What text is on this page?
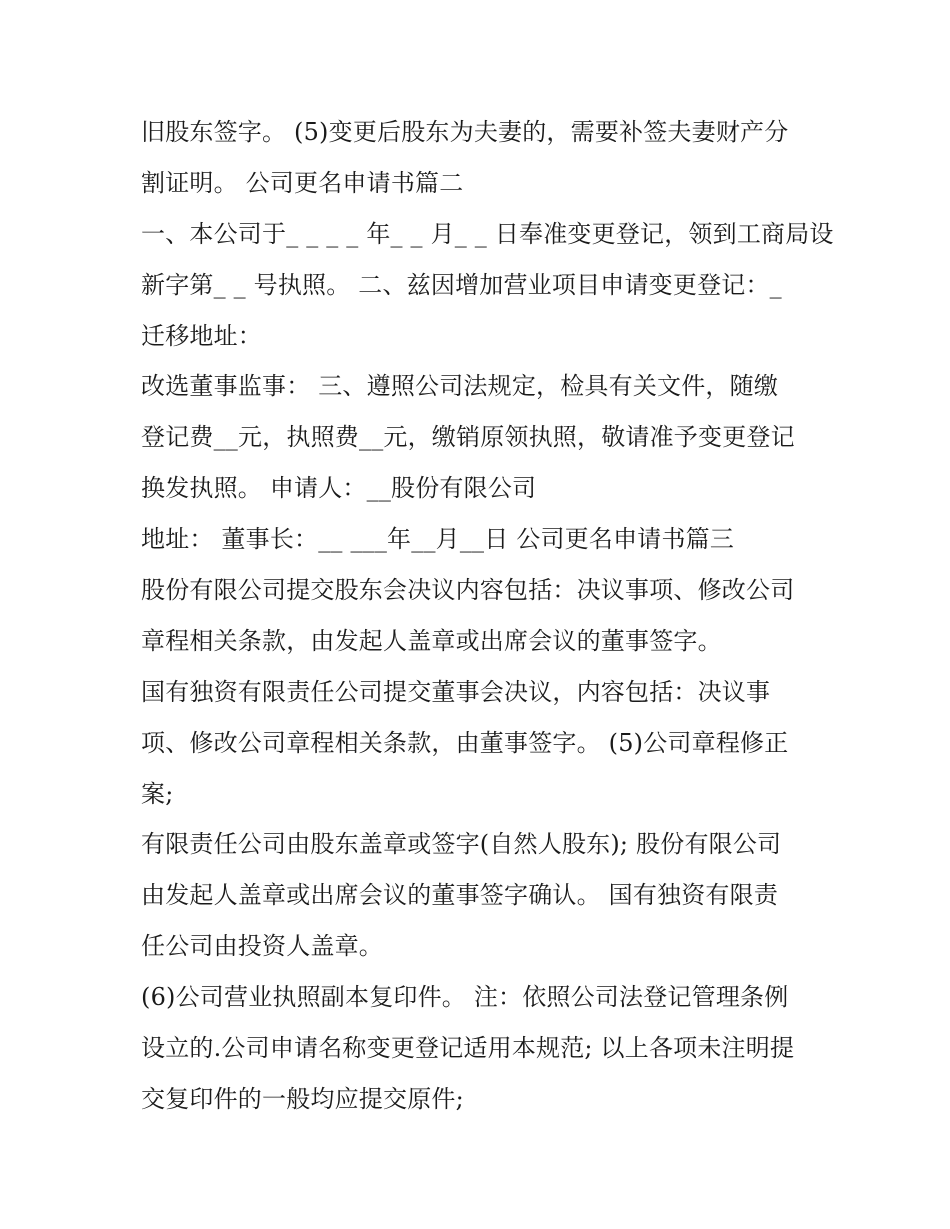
旧股东签字。 (5)变更后股东为夫妻的，需要补签夫妻财产分
割证明。 公司更名申请书篇二
一、本公司于_ _ _ _ 年_ _ 月_ _ 日奉准变更登记，领到工商局设
新字第_ _ 号执照。 二、兹因增加营业项目申请变更登记：_
迁移地址：
改选董事监事： 三、遵照公司法规定，检具有关文件，随缴
登记费__元，执照费__元，缴销原领执照，敬请准予变更登记
换发执照。 申请人：__股份有限公司
地址： 董事长：__ ___年__月__日 公司更名申请书篇三
股份有限公司提交股东会决议内容包括：决议事项、修改公司
章程相关条款，由发起人盖章或出席会议的董事签字。
国有独资有限责任公司提交董事会决议，内容包括：决议事
项、修改公司章程相关条款，由董事签字。 (5)公司章程修正
案;
有限责任公司由股东盖章或签字(自然人股东); 股份有限公司
由发起人盖章或出席会议的董事签字确认。 国有独资有限责
任公司由投资人盖章。
(6)公司营业执照副本复印件。 注：依照公司法登记管理条例
设立的.公司申请名称变更登记适用本规范; 以上各项未注明提
交复印件的一般均应提交原件;
